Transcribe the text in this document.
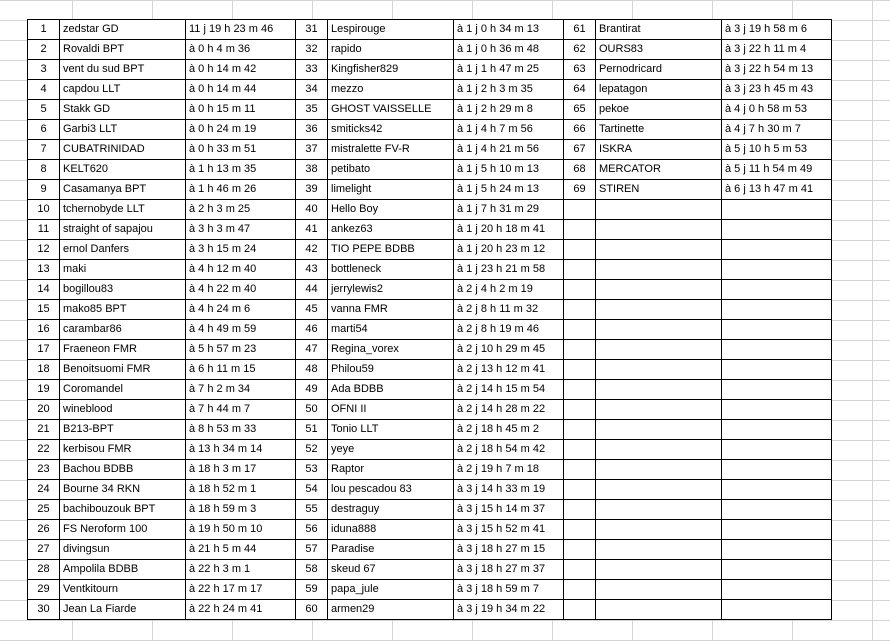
1	zedstar GD	11 j 19 h 23 m 46	31	Lespirouge	à 1 j 0 h 34 m 13	61	Brantirat	à 3 j 19 h 58 m 6
2	Rovaldi BPT	à 0 h 4 m 36	32	rapido	à 1 j 0 h 36 m 48	62	OURS83	à 3 j 22 h 11 m 4
3	vent du sud BPT	à 0 h 14 m 42	33	Kingfisher829	à 1 j 1 h 47 m 25	63	Pernodricard	à 3 j 22 h 54 m 13
4	capdou LLT	à 0 h 14 m 44	34	mezzo	à 1 j 2 h 3 m 35	64	lepatagon	à 3 j 23 h 45 m 43
5	Stakk GD	à 0 h 15 m 11	35	GHOST VAISSELLE	à 1 j 2 h 29 m 8	65	pekoe	à 4 j 0 h 58 m 53
6	Garbi3 LLT	à 0 h 24 m 19	36	smiticks42	à 1 j 4 h 7 m 56	66	Tartinette	à 4 j 7 h 30 m 7
7	CUBATRINIDAD	à 0 h 33 m 51	37	mistralette FV-R	à 1 j 4 h 21 m 56	67	ISKRA	à 5 j 10 h 5 m 53
8	KELT620	à 1 h 13 m 35	38	petibato	à 1 j 5 h 10 m 13	68	MERCATOR	à 5 j 11 h 54 m 49
9	Casamanya BPT	à 1 h 46 m 26	39	limelight	à 1 j 5 h 24 m 13	69	STIREN	à 6 j 13 h 47 m 41
10	tchernobyde LLT	à 2 h 3 m 25	40	Hello Boy	à 1 j 7 h 31 m 29			
11	straight of sapajou	à 3 h 3 m 47	41	ankez63	à 1 j 20 h 18 m 41			
12	ernol Danfers	à 3 h 15 m 24	42	TIO PEPE BDBB	à 1 j 20 h 23 m 12			
13	maki	à 4 h 12 m 40	43	bottleneck	à 1 j 23 h 21 m 58			
14	bogillou83	à 4 h 22 m 40	44	jerrylewis2	à 2 j 4 h 2 m 19			
15	mako85 BPT	à 4 h 24 m 6	45	vanna FMR	à 2 j 8 h 11 m 32			
16	carambar86	à 4 h 49 m 59	46	marti54	à 2 j 8 h 19 m 46			
17	Fraeneon FMR	à 5 h 57 m 23	47	Regina_vorex	à 2 j 10 h 29 m 45			
18	Benoitsuomi FMR	à 6 h 11 m 15	48	Philou59	à 2 j 13 h 12 m 41			
19	Coromandel	à 7 h 2 m 34	49	Ada BDBB	à 2 j 14 h 15 m 54			
20	wineblood	à 7 h 44 m 7	50	OFNI II	à 2 j 14 h 28 m 22			
21	B213-BPT	à 8 h 53 m 33	51	Tonio LLT	à 2 j 18 h 45 m 2			
22	kerbisou FMR	à 13 h 34 m 14	52	yeye	à 2 j 18 h 54 m 42			
23	Bachou BDBB	à 18 h 3 m 17	53	Raptor	à 2 j 19 h 7 m 18			
24	Bourne 34 RKN	à 18 h 52 m 1	54	lou pescadou 83	à 3 j 14 h 33 m 19			
25	bachibouzouk BPT	à 18 h 59 m 3	55	destraguy	à 3 j 15 h 14 m 37			
26	FS Neroform 100	à 19 h 50 m 10	56	iduna888	à 3 j 15 h 52 m 41			
27	divingsun	à 21 h 5 m 44	57	Paradise	à 3 j 18 h 27 m 15			
28	Ampolila BDBB	à 22 h 3 m 1	58	skeud 67	à 3 j 18 h 27 m 37			
29	Ventkitourn	à 22 h 17 m 17	59	papa_jule	à 3 j 18 h 59 m 7			
30	Jean La Fiarde	à 22 h 24 m 41	60	armen29	à 3 j 19 h 34 m 22			
